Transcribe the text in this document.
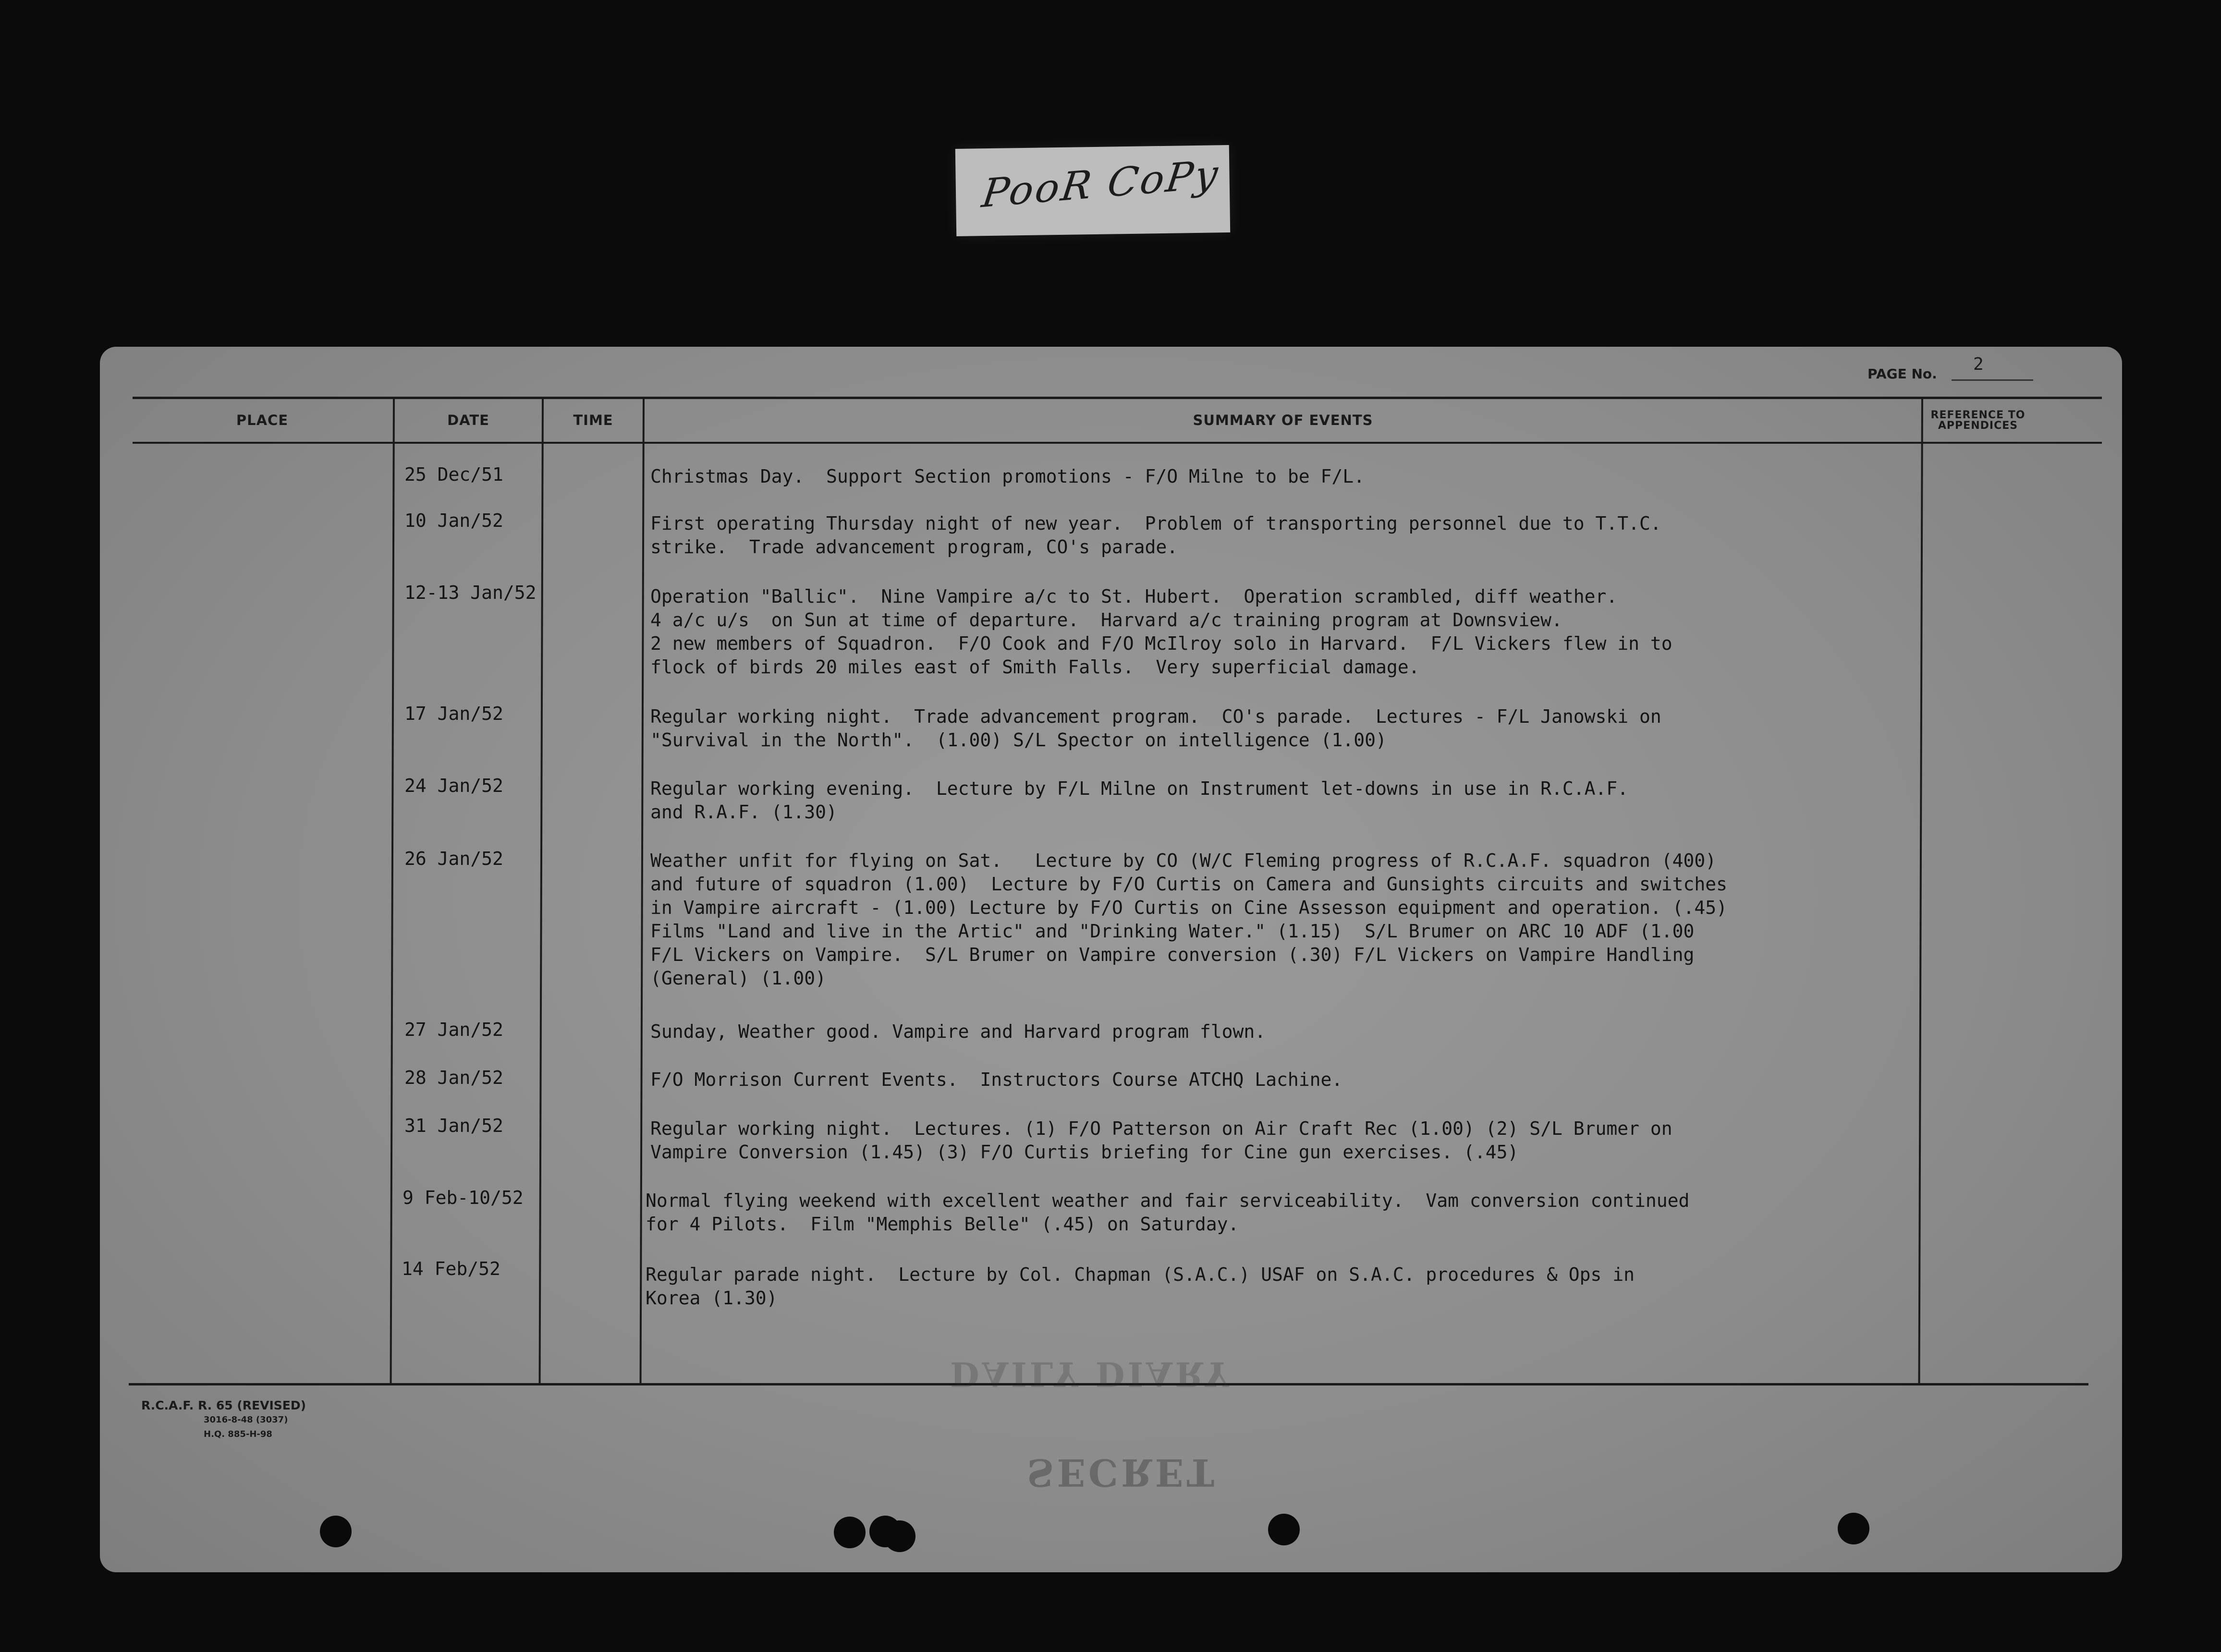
PooR CoPy
PAGE No. 2
PLACE	DATE	TIME	SUMMARY OF EVENTS	REFERENCE TO APPENDICES
25 Dec/51	Christmas Day.  Support Section promotions - F/O Milne to be F/L.
10 Jan/52	First operating Thursday night of new year.  Problem of transporting personnel due to T.T.C.
strike.  Trade advancement program, CO's parade.
12-13 Jan/52	Operation "Ballic".  Nine Vampire a/c to St. Hubert.  Operation scrambled, diff weather.
4 a/c u/s  on Sun at time of departure.  Harvard a/c training program at Downsview.
2 new members of Squadron.  F/O Cook and F/O McIlroy solo in Harvard.  F/L Vickers flew in to
flock of birds 20 miles east of Smith Falls.  Very superficial damage.
17 Jan/52	Regular working night.  Trade advancement program.  CO's parade.  Lectures - F/L Janowski on
"Survival in the North".  (1.00) S/L Spector on intelligence (1.00)
24 Jan/52	Regular working evening.  Lecture by F/L Milne on Instrument let-downs in use in R.C.A.F.
and R.A.F. (1.30)
26 Jan/52	Weather unfit for flying on Sat.   Lecture by CO (W/C Fleming progress of R.C.A.F. squadron (400)
and future of squadron (1.00)  Lecture by F/O Curtis on Camera and Gunsights circuits and switches
in Vampire aircraft - (1.00) Lecture by F/O Curtis on Cine Assesson equipment and operation. (.45)
Films "Land and live in the Artic" and "Drinking Water." (1.15)  S/L Brumer on ARC 10 ADF (1.00
F/L Vickers on Vampire.  S/L Brumer on Vampire conversion (.30) F/L Vickers on Vampire Handling
(General) (1.00)
27 Jan/52	Sunday, Weather good. Vampire and Harvard program flown.
28 Jan/52	F/O Morrison Current Events.  Instructors Course ATCHQ Lachine.
31 Jan/52	Regular working night.  Lectures. (1) F/O Patterson on Air Craft Rec (1.00) (2) S/L Brumer on
Vampire Conversion (1.45) (3) F/O Curtis briefing for Cine gun exercises. (.45)
9 Feb-10/52	Normal flying weekend with excellent weather and fair serviceability.  Vam conversion continued
for 4 Pilots.  Film "Memphis Belle" (.45) on Saturday.
14 Feb/52	Regular parade night.  Lecture by Col. Chapman (S.A.C.) USAF on S.A.C. procedures & Ops in
Korea (1.30)
DAILY DIARY
SECRET
R.C.A.F. R. 65 (REVISED)
3016-8-48 (3037)
H.Q. 885-H-98
